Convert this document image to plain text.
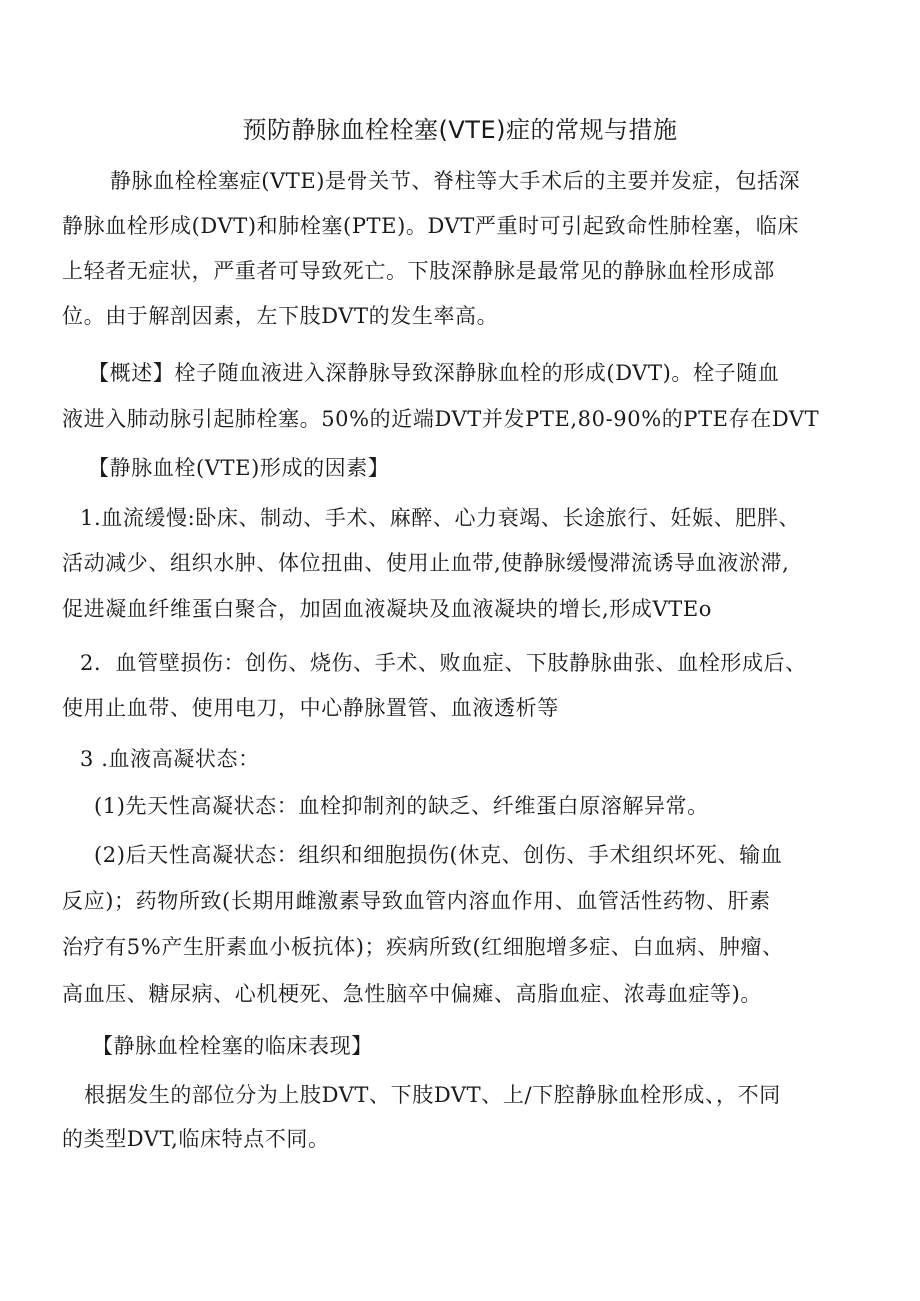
预防静脉血栓栓塞(VTE)症的常规与措施
静脉血栓栓塞症(VTE)是骨关节、脊柱等大手术后的主要并发症，包括深
静脉血栓形成(DVT)和肺栓塞(PTE)。DVT严重时可引起致命性肺栓塞，临床
上轻者无症状，严重者可导致死亡。下肢深静脉是最常见的静脉血栓形成部
位。由于解剖因素，左下肢DVT的发生率高。
【概述】栓子随血液进入深静脉导致深静脉血栓的形成(DVT)。栓子随血
液进入肺动脉引起肺栓塞。50%的近端DVT并发PTE,80-90%的PTE存在DVT
【静脉血栓(VTE)形成的因素】
1.血流缓慢:卧床、制动、手术、麻醉、心力衰竭、长途旅行、妊娠、肥胖、
活动减少、组织水肿、体位扭曲、使用止血带,使静脉缓慢滞流诱导血液淤滞,
促进凝血纤维蛋白聚合，加固血液凝块及血液凝块的增长,形成VTEo
2．血管壁损伤：创伤、烧伤、手术、败血症、下肢静脉曲张、血栓形成后、
使用止血带、使用电刀，中心静脉置管、血液透析等
3 .血液高凝状态：
(1)先天性高凝状态：血栓抑制剂的缺乏、纤维蛋白原溶解异常。
(2)后天性高凝状态：组织和细胞损伤(休克、创伤、手术组织坏死、输血
反应)；药物所致(长期用雌激素导致血管内溶血作用、血管活性药物、肝素
治疗有5%产生肝素血小板抗体)；疾病所致(红细胞增多症、白血病、肿瘤、
高血压、糖尿病、心机梗死、急性脑卒中偏瘫、高脂血症、浓毒血症等)。
【静脉血栓栓塞的临床表现】
根据发生的部位分为上肢DVT、下肢DVT、上/下腔静脉血栓形成、，不同
的类型DVT,临床特点不同。
